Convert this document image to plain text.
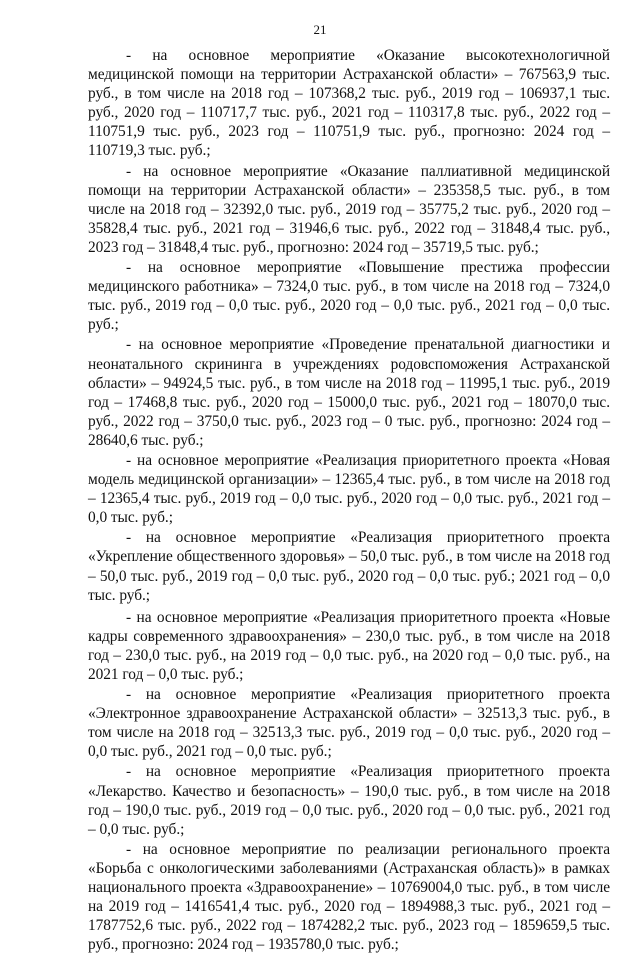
21

- на основное мероприятие «Оказание высокотехнологичной медицинской помощи на территории Астраханской области» – 767563,9 тыс. руб., в том числе на 2018 год – 107368,2 тыс. руб., 2019 год – 106937,1 тыс. руб., 2020 год – 110717,7 тыс. руб., 2021 год – 110317,8 тыс. руб., 2022 год – 110751,9 тыс. руб., 2023 год – 110751,9 тыс. руб., прогнозно: 2024 год – 110719,3 тыс. руб.;

- на основное мероприятие «Оказание паллиативной медицинской помощи на территории Астраханской области» – 235358,5 тыс. руб., в том числе на 2018 год – 32392,0 тыс. руб., 2019 год – 35775,2 тыс. руб., 2020 год – 35828,4 тыс. руб., 2021 год – 31946,6 тыс. руб., 2022 год – 31848,4 тыс. руб., 2023 год – 31848,4 тыс. руб., прогнозно: 2024 год – 35719,5 тыс. руб.;

- на основное мероприятие «Повышение престижа профессии медицинского работника» – 7324,0 тыс. руб., в том числе на 2018 год – 7324,0 тыс. руб., 2019 год – 0,0 тыс. руб., 2020 год – 0,0 тыс. руб., 2021 год – 0,0 тыс. руб.;

- на основное мероприятие «Проведение пренатальной диагностики и неонатального скрининга в учреждениях родовспоможения Астраханской области» – 94924,5 тыс. руб., в том числе на 2018 год – 11995,1 тыс. руб., 2019 год – 17468,8 тыс. руб., 2020 год – 15000,0 тыс. руб., 2021 год – 18070,0 тыс. руб., 2022 год – 3750,0 тыс. руб., 2023 год – 0 тыс. руб., прогнозно: 2024 год – 28640,6 тыс. руб.;

- на основное мероприятие «Реализация приоритетного проекта «Новая модель медицинской организации» – 12365,4 тыс. руб., в том числе на 2018 год – 12365,4 тыс. руб., 2019 год – 0,0 тыс. руб., 2020 год – 0,0 тыс. руб., 2021 год – 0,0 тыс. руб.;

- на основное мероприятие «Реализация приоритетного проекта «Укрепление общественного здоровья» – 50,0 тыс. руб., в том числе на 2018 год – 50,0 тыс. руб., 2019 год – 0,0 тыс. руб., 2020 год – 0,0 тыс. руб.; 2021 год – 0,0 тыс. руб.;

- на основное мероприятие «Реализация приоритетного проекта «Новые кадры современного здравоохранения» – 230,0 тыс. руб., в том числе на 2018 год – 230,0 тыс. руб., на 2019 год – 0,0 тыс. руб., на 2020 год – 0,0 тыс. руб., на 2021 год – 0,0 тыс. руб.;

- на основное мероприятие «Реализация приоритетного проекта «Электронное здравоохранение Астраханской области» – 32513,3 тыс. руб., в том числе на 2018 год – 32513,3 тыс. руб., 2019 год – 0,0 тыс. руб., 2020 год – 0,0 тыс. руб., 2021 год – 0,0 тыс. руб.;

- на основное мероприятие «Реализация приоритетного проекта «Лекарство. Качество и безопасность» – 190,0 тыс. руб., в том числе на 2018 год – 190,0 тыс. руб., 2019 год – 0,0 тыс. руб., 2020 год – 0,0 тыс. руб., 2021 год – 0,0 тыс. руб.;

- на основное мероприятие по реализации регионального проекта «Борьба с онкологическими заболеваниями (Астраханская область)» в рамках национального проекта «Здравоохранение» – 10769004,0 тыс. руб., в том числе на 2019 год – 1416541,4 тыс. руб., 2020 год – 1894988,3 тыс. руб., 2021 год – 1787752,6 тыс. руб., 2022 год – 1874282,2 тыс. руб., 2023 год – 1859659,5 тыс. руб., прогнозно: 2024 год – 1935780,0 тыс. руб.;
